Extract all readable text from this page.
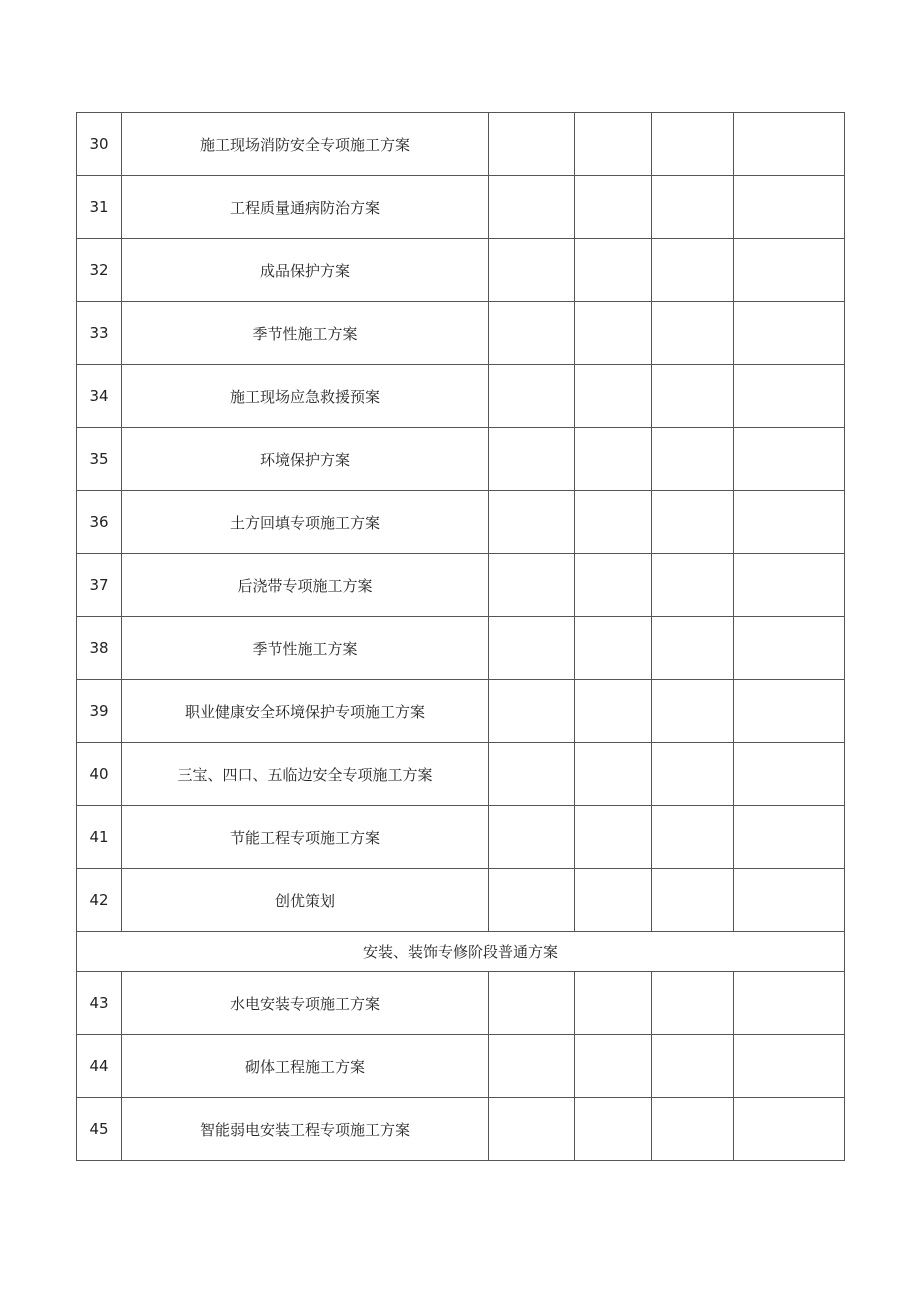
30	施工现场消防安全专项施工方案				
31	工程质量通病防治方案				
32	成品保护方案				
33	季节性施工方案				
34	施工现场应急救援预案				
35	环境保护方案				
36	土方回填专项施工方案				
37	后浇带专项施工方案				
38	季节性施工方案				
39	职业健康安全环境保护专项施工方案				
40	三宝、四口、五临边安全专项施工方案				
41	节能工程专项施工方案				
42	创优策划				
安装、装饰专修阶段普通方案					
43	水电安装专项施工方案				
44	砌体工程施工方案				
45	智能弱电安装工程专项施工方案				
